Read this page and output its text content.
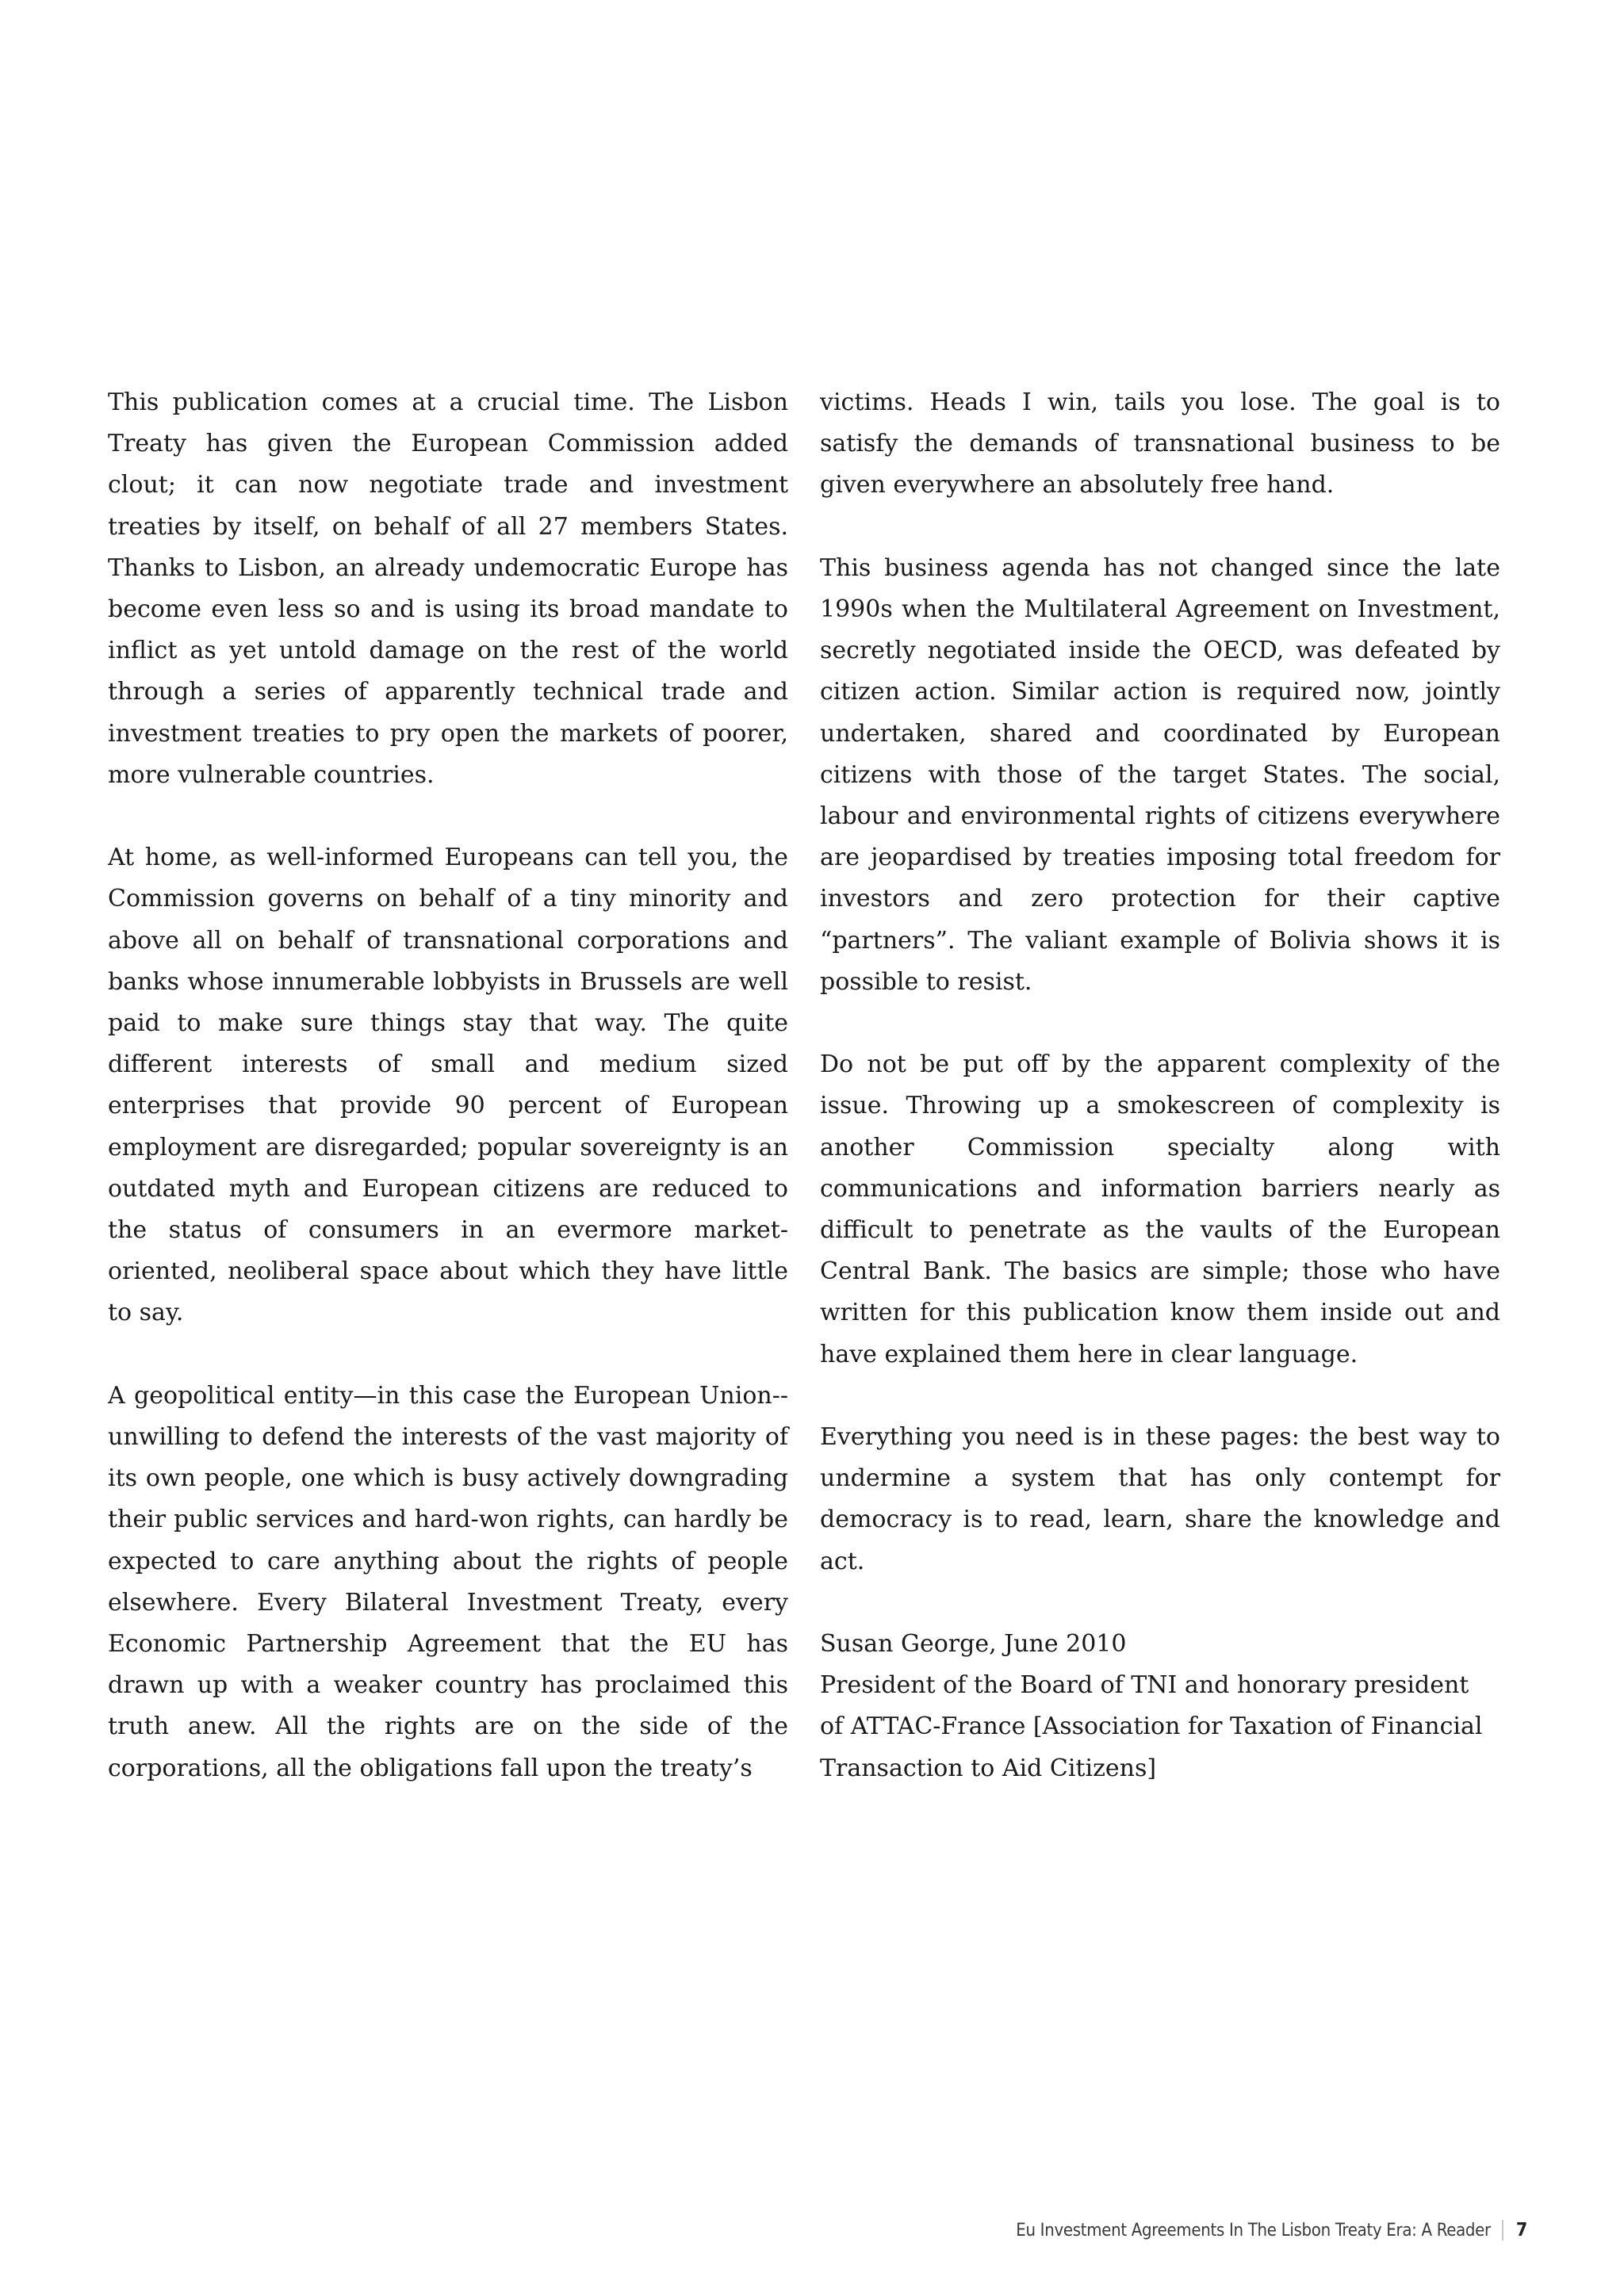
This publication comes at a crucial time. The Lisbon Treaty has given the European Commission added clout; it can now negotiate trade and investment treaties by itself, on behalf of all 27 members States. Thanks to Lisbon, an already undemocratic Europe has become even less so and is using its broad mandate to inflict as yet untold damage on the rest of the world through a series of apparently technical trade and investment treaties to pry open the markets of poorer, more vulnerable countries.

At home, as well-informed Europeans can tell you, the Commission governs on behalf of a tiny minority and above all on behalf of transnational corporations and banks whose innumerable lobbyists in Brussels are well paid to make sure things stay that way. The quite different interests of small and medium sized enterprises that provide 90 percent of European employment are disregarded; popular sovereignty is an outdated myth and European citizens are reduced to the status of consumers in an evermore market-oriented, neoliberal space about which they have little to say.

A geopolitical entity—in this case the European Union--unwilling to defend the interests of the vast majority of its own people, one which is busy actively downgrading their public services and hard-won rights, can hardly be expected to care anything about the rights of people elsewhere. Every Bilateral Investment Treaty, every Economic Partnership Agreement that the EU has drawn up with a weaker country has proclaimed this truth anew. All the rights are on the side of the corporations, all the obligations fall upon the treaty’s

victims. Heads I win, tails you lose. The goal is to satisfy the demands of transnational business to be given everywhere an absolutely free hand.

This business agenda has not changed since the late 1990s when the Multilateral Agreement on Investment, secretly negotiated inside the OECD, was defeated by citizen action. Similar action is required now, jointly undertaken, shared and coordinated by European citizens with those of the target States. The social, labour and environmental rights of citizens everywhere are jeopardised by treaties imposing total freedom for investors and zero protection for their captive “partners”. The valiant example of Bolivia shows it is possible to resist.

Do not be put off by the apparent complexity of the issue. Throwing up a smokescreen of complexity is another Commission specialty along with communications and information barriers nearly as difficult to penetrate as the vaults of the European Central Bank. The basics are simple; those who have written for this publication know them inside out and have explained them here in clear language.

Everything you need is in these pages: the best way to undermine a system that has only contempt for democracy is to read, learn, share the knowledge and act.

Susan George, June 2010

President of the Board of TNI and honorary president

of ATTAC-France [Association for Taxation of Financial

Transaction to Aid Citizens]

Eu Investment Agreements In The Lisbon Treaty Era: A Reader 7
